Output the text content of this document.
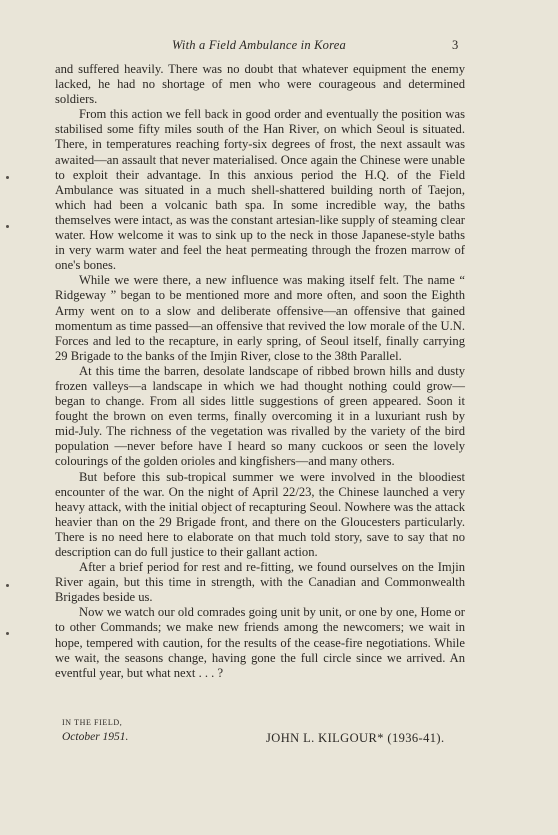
With a Field Ambulance in Korea	3

and suffered heavily. There was no doubt that whatever equipment the enemy lacked, he had no shortage of men who were courageous and determined soldiers.

From this action we fell back in good order and eventually the position was stabilised some fifty miles south of the Han River, on which Seoul is situated. There, in temperatures reaching forty-six degrees of frost, the next assault was awaited—an assault that never materialised. Once again the Chinese were unable to exploit their advantage. In this anxious period the H.Q. of the Field Ambulance was situated in a much shell-shattered building north of Taejon, which had been a volcanic bath spa. In some incredible way, the baths themselves were intact, as was the constant artesian-like supply of steaming clear water. How welcome it was to sink up to the neck in those Japanese-style baths in very warm water and feel the heat permeating through the frozen marrow of one's bones.

While we were there, a new influence was making itself felt. The name “ Ridgeway ” began to be mentioned more and more often, and soon the Eighth Army went on to a slow and deliberate offensive—an offensive that gained momentum as time passed—an offensive that revived the low morale of the U.N. Forces and led to the recapture, in early spring, of Seoul itself, finally carrying 29 Brigade to the banks of the Imjin River, close to the 38th Parallel.

At this time the barren, desolate landscape of ribbed brown hills and dusty frozen valleys—a landscape in which we had thought nothing could grow—began to change. From all sides little suggestions of green appeared. Soon it fought the brown on even terms, finally overcoming it in a luxuriant rush by mid-July. The richness of the vegetation was rivalled by the variety of the bird population —never before have I heard so many cuckoos or seen the lovely colourings of the golden orioles and kingfishers—and many others.

But before this sub-tropical summer we were involved in the bloodiest encounter of the war. On the night of April 22/23, the Chinese launched a very heavy attack, with the initial object of recapturing Seoul. Nowhere was the attack heavier than on the 29 Brigade front, and there on the Gloucesters particularly. There is no need here to elaborate on that much told story, save to say that no description can do full justice to their gallant action.

After a brief period for rest and re-fitting, we found ourselves on the Imjin River again, but this time in strength, with the Canadian and Commonwealth Brigades beside us.

Now we watch our old comrades going unit by unit, or one by one, Home or to other Commands; we make new friends among the newcomers; we wait in hope, tempered with caution, for the results of the cease-fire negotiations. While we wait, the seasons change, having gone the full circle since we arrived. An eventful year, but what next . . . ?

IN THE FIELD,
October 1951.	JOHN L. KILGOUR* (1936-41).
